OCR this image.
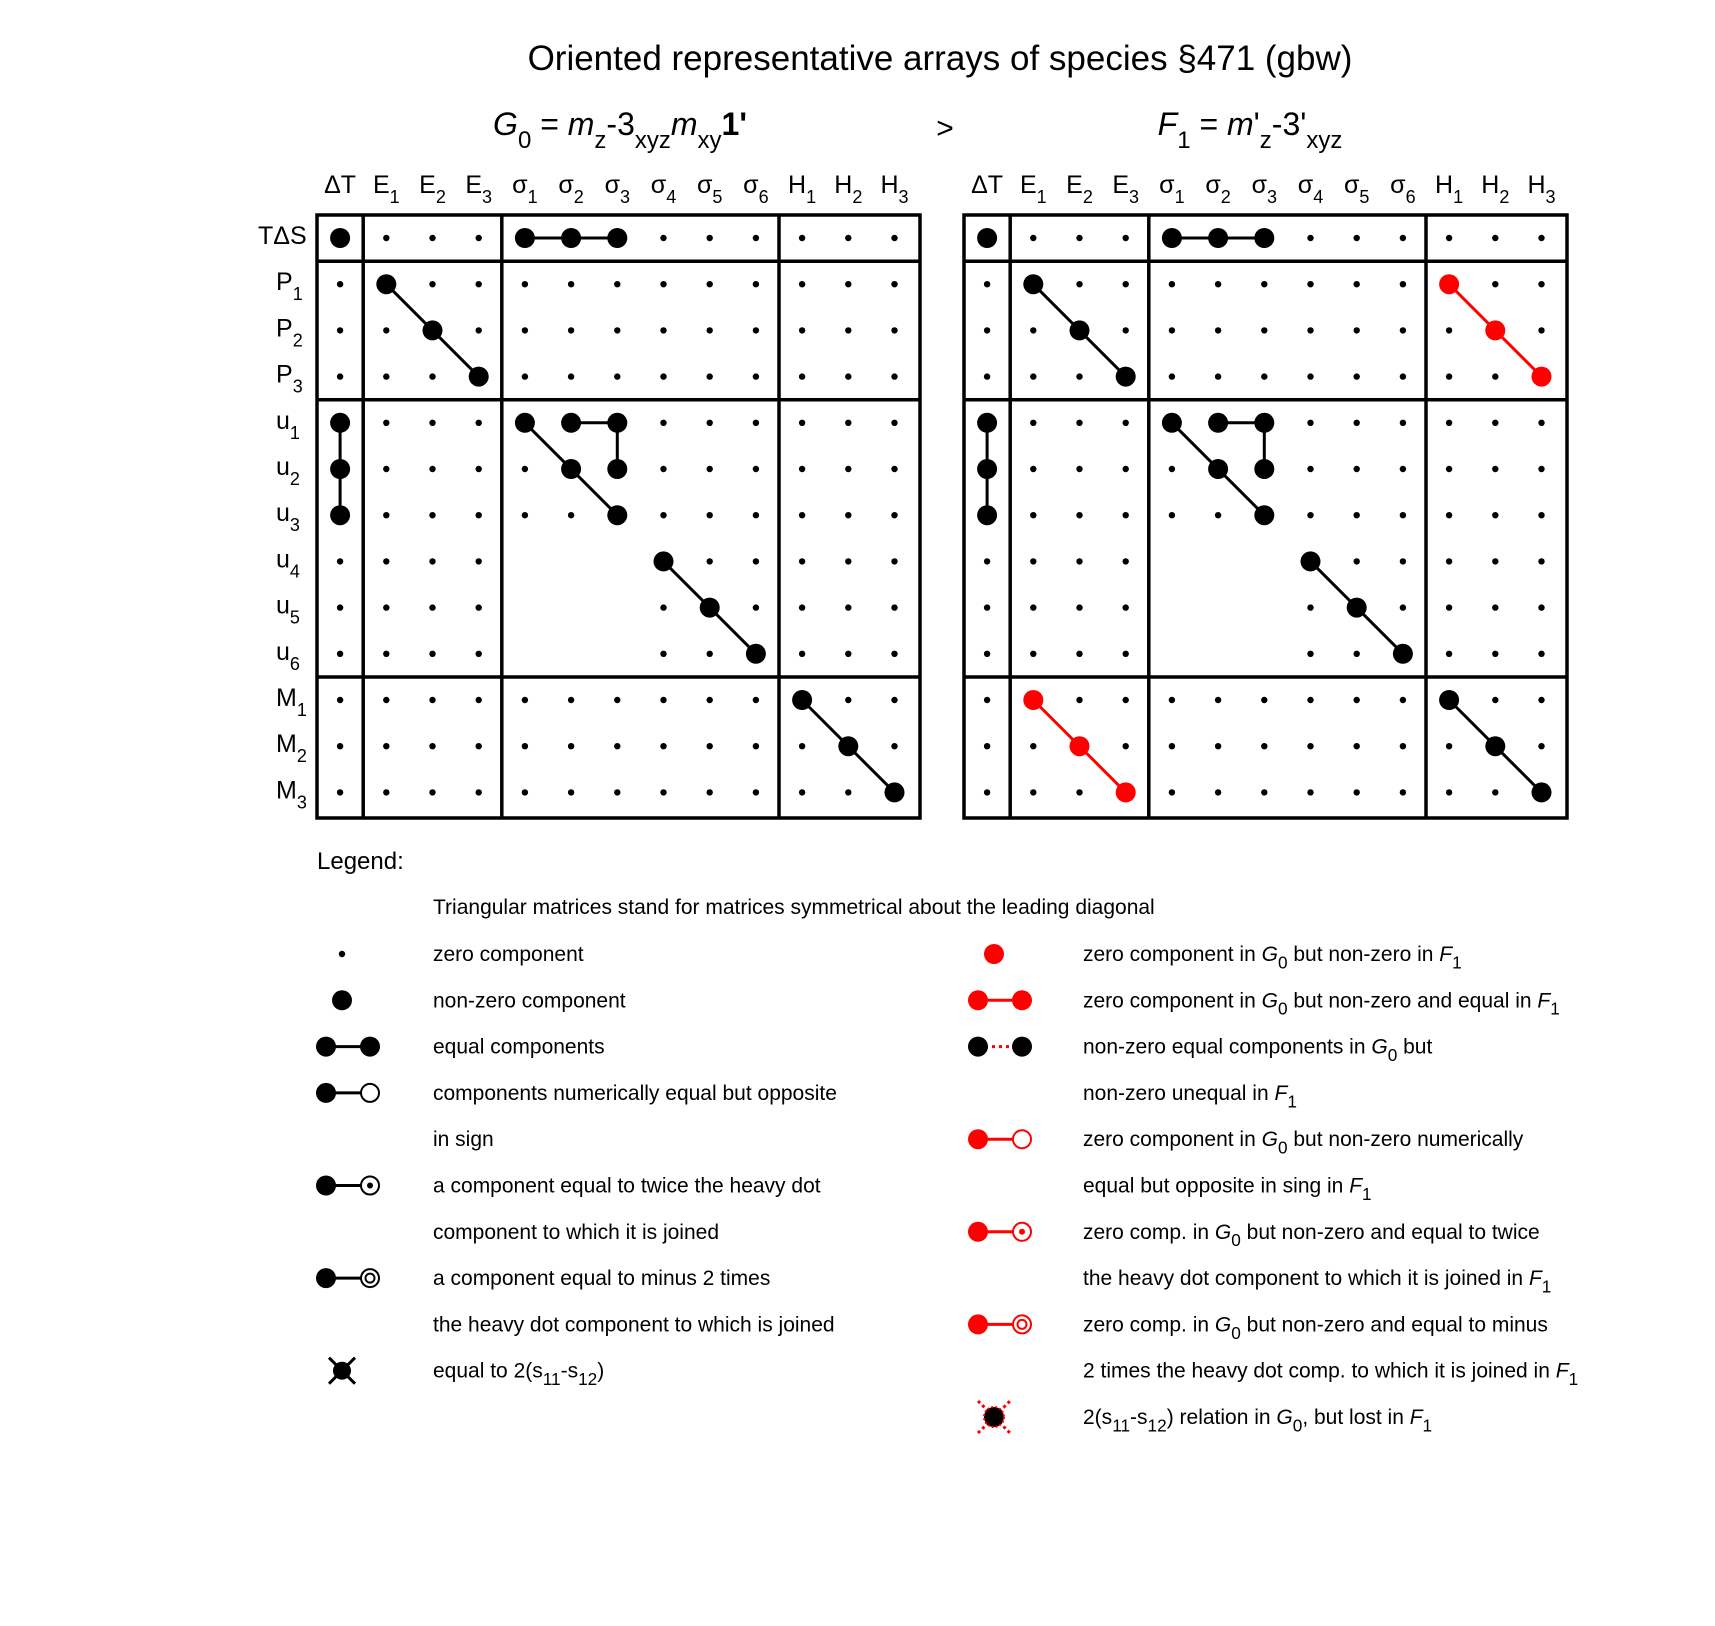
Oriented representative arrays of species §471 (gbw)
>
$G_0 = m_z-3_{xyz}m_{xy}1'$	$F_1 = m'_z-3'_{xyz}$
ΔT $E_1$ $E_2$ $E_3$ $\sigma_1$ $\sigma_2$ $\sigma_3$ $\sigma_4$ $\sigma_5$ $\sigma_6$ $H_1$ $H_2$ $H_3$
TΔS
$P_1$
$P_2$
$P_3$
$u_1$
$u_2$
$u_3$
$u_4$
$u_5$
$u_6$
$M_1$
$M_2$
$M_3$
ΔT $E_1$ $E_2$ $E_3$ $\sigma_1$ $\sigma_2$ $\sigma_3$ $\sigma_4$ $\sigma_5$ $\sigma_6$ $H_1$ $H_2$ $H_3$
Legend:
Triangular matrices stand for matrices symmetrical about the leading diagonal
zero component
non-zero component
equal components
components numerically equal but opposite
in sign
a component equal to twice the heavy dot
component to which it is joined
a component equal to minus 2 times
the heavy dot component to which is joined
equal to $2(s_{11}-s_{12})$
zero component in $G_0$ but non-zero in $F_1$
zero component in $G_0$ but non-zero and equal in $F_1$
non-zero equal components in $G_0$ but
non-zero unequal in $F_1$
zero component in $G_0$ but non-zero numerically
equal but opposite in sing in $F_1$
zero comp. in $G_0$ but non-zero and equal to twice
the heavy dot component to which it is joined in $F_1$
zero comp. in $G_0$ but non-zero and equal to minus
2 times the heavy dot comp. to which it is joined in $F_1$
$2(s_{11}-s_{12})$ relation in $G_0$, but lost in $F_1$
